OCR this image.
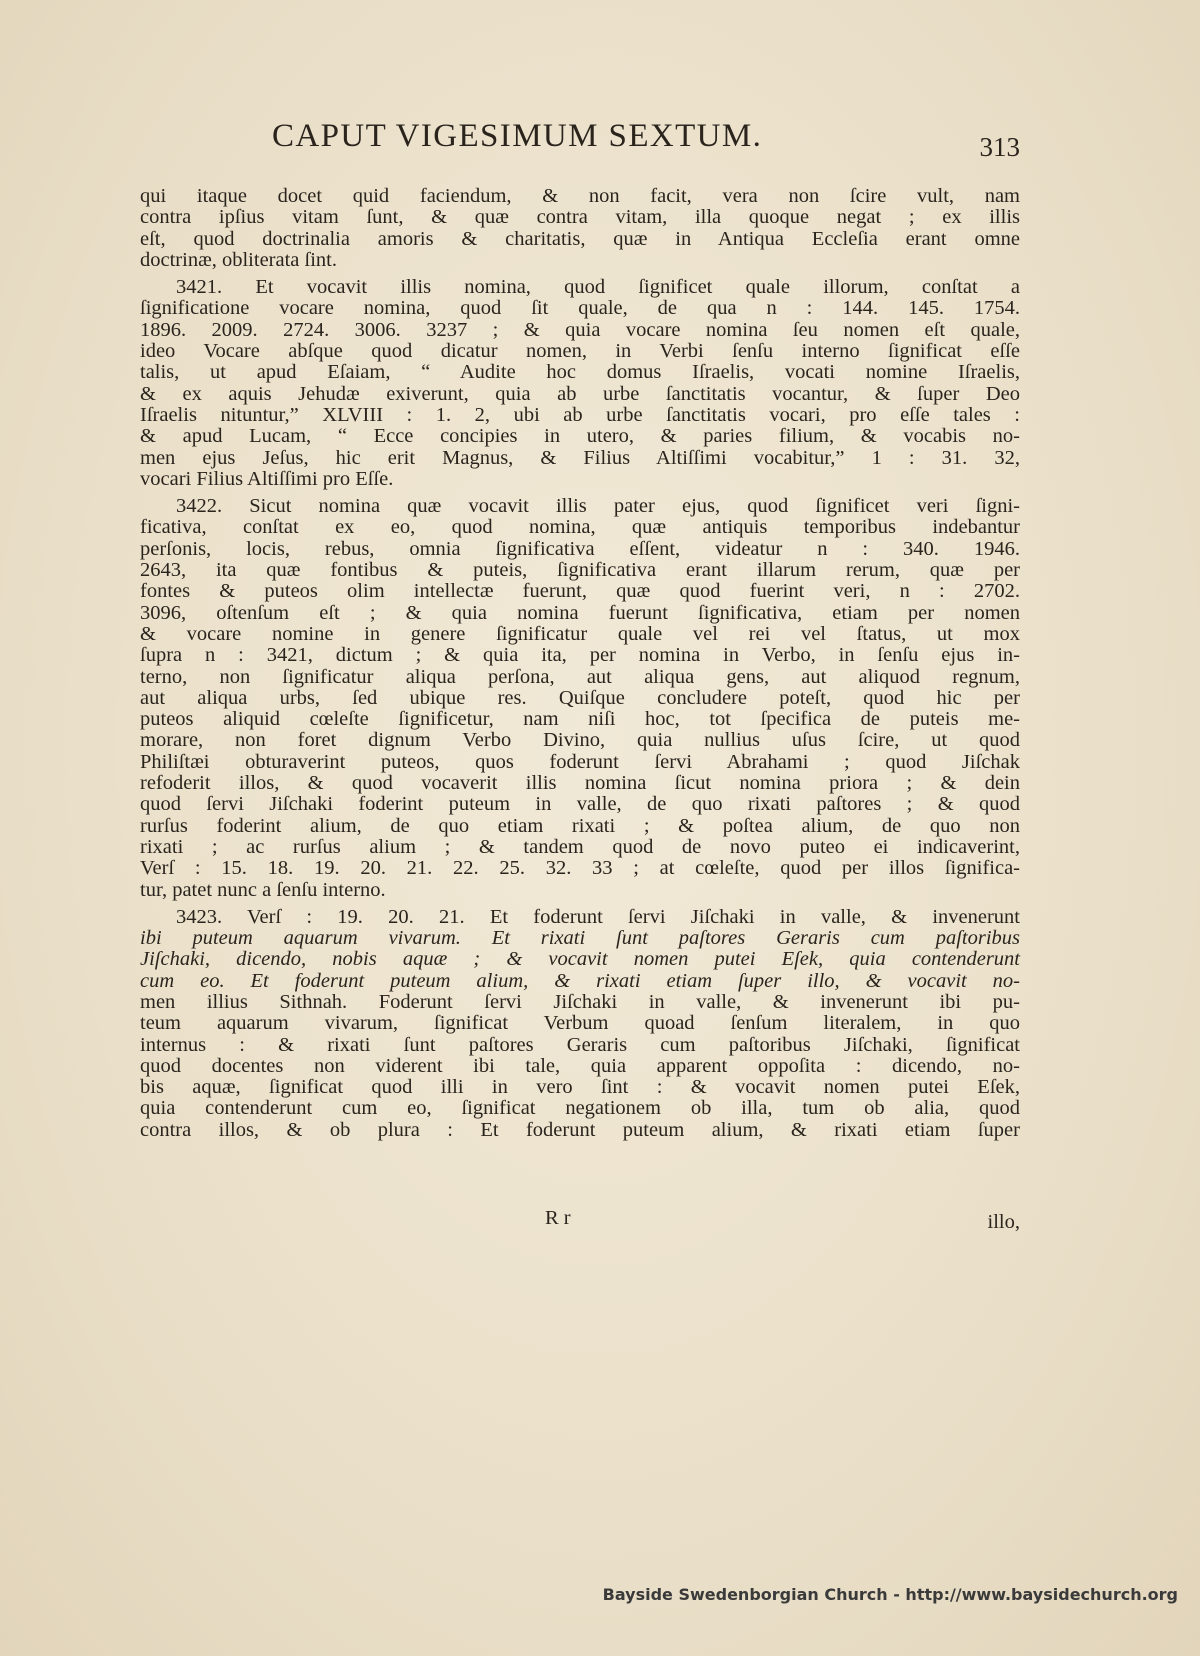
CAPUT VIGESIMUM SEXTUM.	313
qui itaque docet quid faciendum, & non facit, vera non ſcire vult, nam
contra ipſius vitam ſunt, & quæ contra vitam, illa quoque negat ; ex illis
eſt, quod doctrinalia amoris & charitatis, quæ in Antiqua Eccleſia erant omne
doctrinæ, obliterata ſint.
3421. Et vocavit illis nomina, quod ſignificet quale illorum, conſtat a
ſignificatione vocare nomina, quod ſit quale, de qua n : 144. 145. 1754.
1896. 2009. 2724. 3006. 3237 ; & quia vocare nomina ſeu nomen eſt quale,
ideo Vocare abſque quod dicatur nomen, in Verbi ſenſu interno ſignificat eſſe
talis, ut apud Eſaiam, “ Audite hoc domus Iſraelis, vocati nomine Iſraelis,
& ex aquis Jehudæ exiverunt, quia ab urbe ſanctitatis vocantur, & ſuper Deo
Iſraelis nituntur,” XLVIII : 1. 2, ubi ab urbe ſanctitatis vocari, pro eſſe tales :
& apud Lucam, “ Ecce concipies in utero, & paries filium, & vocabis no-
men ejus Jeſus, hic erit Magnus, & Filius Altiſſimi vocabitur,” 1 : 31. 32,
vocari Filius Altiſſimi pro Eſſe.
3422. Sicut nomina quæ vocavit illis pater ejus, quod ſignificet veri ſigni-
ficativa, conſtat ex eo, quod nomina, quæ antiquis temporibus indebantur
perſonis, locis, rebus, omnia ſignificativa eſſent, videatur n : 340. 1946.
2643, ita quæ fontibus & puteis, ſignificativa erant illarum rerum, quæ per
fontes & puteos olim intellectæ fuerunt, quæ quod fuerint veri, n : 2702.
3096, oſtenſum eſt ; & quia nomina fuerunt ſignificativa, etiam per nomen
& vocare nomine in genere ſignificatur quale vel rei vel ſtatus, ut mox
ſupra n : 3421, dictum ; & quia ita, per nomina in Verbo, in ſenſu ejus in-
terno, non ſignificatur aliqua perſona, aut aliqua gens, aut aliquod regnum,
aut aliqua urbs, ſed ubique res. Quiſque concludere poteſt, quod hic per
puteos aliquid cœleſte ſignificetur, nam niſi hoc, tot ſpecifica de puteis me-
morare, non foret dignum Verbo Divino, quia nullius uſus ſcire, ut quod
Philiſtæi obturaverint puteos, quos foderunt ſervi Abrahami ; quod Jiſchak
refoderit illos, & quod vocaverit illis nomina ſicut nomina priora ; & dein
quod ſervi Jiſchaki foderint puteum in valle, de quo rixati paſtores ; & quod
rurſus foderint alium, de quo etiam rixati ; & poſtea alium, de quo non
rixati ; ac rurſus alium ; & tandem quod de novo puteo ei indicaverint,
Verſ : 15. 18. 19. 20. 21. 22. 25. 32. 33 ; at cœleſte, quod per illos ſignifica-
tur, patet nunc a ſenſu interno.
3423. Verſ : 19. 20. 21. Et foderunt ſervi Jiſchaki in valle, & invenerunt
ibi puteum aquarum vivarum. Et rixati ſunt paſtores Geraris cum paſtoribus
Jiſchaki, dicendo, nobis aquæ ; & vocavit nomen putei Eſek, quia contenderunt
cum eo. Et foderunt puteum alium, & rixati etiam ſuper illo, & vocavit no-
men illius Sithnah. Foderunt ſervi Jiſchaki in valle, & invenerunt ibi pu-
teum aquarum vivarum, ſignificat Verbum quoad ſenſum literalem, in quo
internus : & rixati ſunt paſtores Geraris cum paſtoribus Jiſchaki, ſignificat
quod docentes non viderent ibi tale, quia apparent oppoſita : dicendo, no-
bis aquæ, ſignificat quod illi in vero ſint : & vocavit nomen putei Eſek,
quia contenderunt cum eo, ſignificat negationem ob illa, tum ob alia, quod
contra illos, & ob plura : Et foderunt puteum alium, & rixati etiam ſuper
R r	illo,
Bayside Swedenborgian Church - http://www.baysidechurch.org
